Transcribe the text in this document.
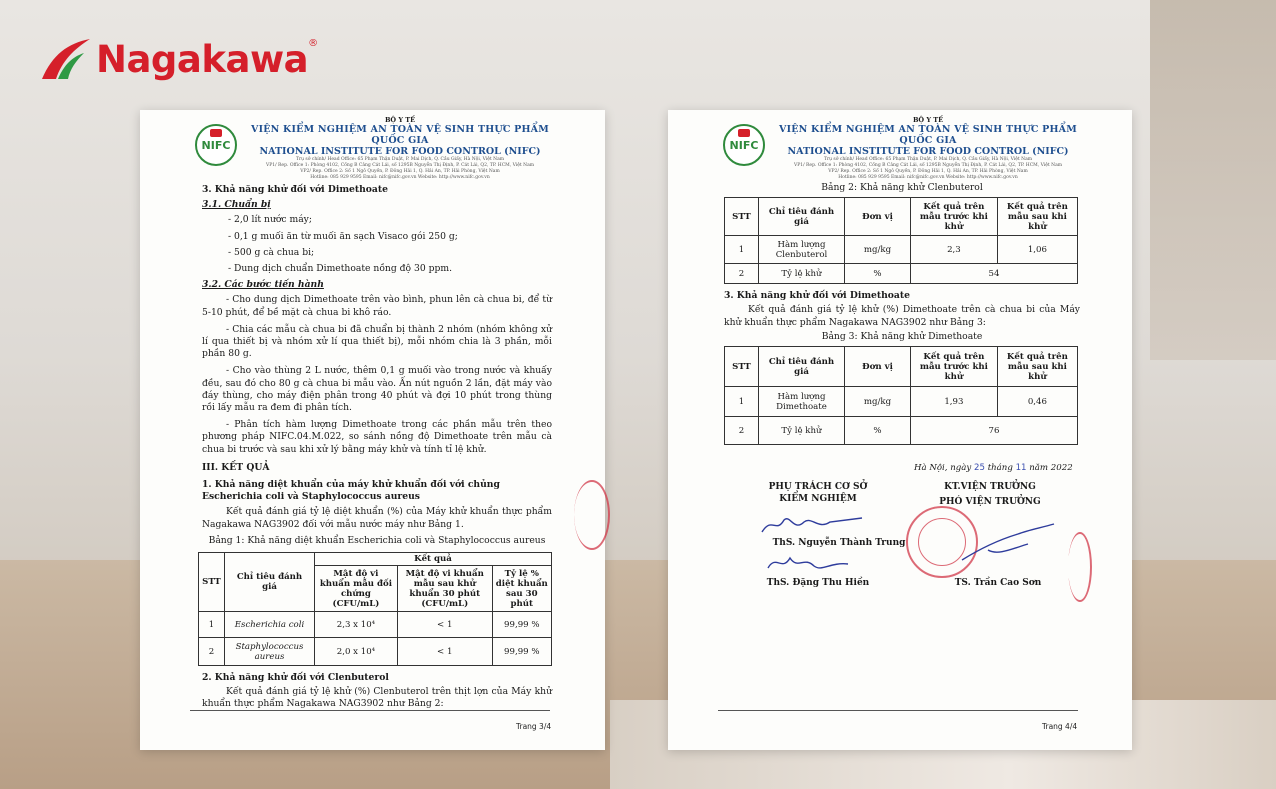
Nagakawa ®
NIFC
BỘ Y TẾ
VIỆN KIỂM NGHIỆM AN TOÀN VỆ SINH THỰC PHẨM QUỐC GIA
NATIONAL INSTITUTE FOR FOOD CONTROL (NIFC)
Trụ sở chính/ Head Office: 65 Phạm Thận Duật, P. Mai Dịch, Q. Cầu Giấy, Hà Nội, Việt Nam
VP1/ Rep. Office 1: Phòng 4102, Cống B Cảng Cát Lái, số 1295B Nguyễn Thị Định, P. Cát Lái, Q2, TP. HCM, Việt Nam
VP2/ Rep. Office 2: Số 1 Ngô Quyền, P. Đông Hải 1, Q. Hải An, TP. Hải Phòng, Việt Nam
Hotline: 085 929 9595 Email: nifc@nifc.gov.vn Website: http://www.nifc.gov.vn
3. Khả năng khử đối với Dimethoate
3.1. Chuẩn bị
- 2,0 lít nước máy;
- 0,1 g muối ăn từ muối ăn sạch Visaco gói 250 g;
- 500 g cà chua bi;
- Dung dịch chuẩn Dimethoate nồng độ 30 ppm.
3.2. Các bước tiến hành
- Cho dung dịch Dimethoate trên vào bình, phun lên cà chua bi, để từ 5-10 phút, để bề mặt cà chua bi khô ráo.
- Chia các mẫu cà chua bi đã chuẩn bị thành 2 nhóm (nhóm không xử lí qua thiết bị và nhóm xử lí qua thiết bị), mỗi nhóm chia là 3 phần, mỗi phần 80 g.
- Cho vào thùng 2 L nước, thêm 0,1 g muối vào trong nước và khuấy đều, sau đó cho 80 g cà chua bi mẫu vào. Ấn nút nguồn 2 lần, đặt máy vào đáy thùng, cho máy điện phân trong 40 phút và đợi 10 phút trong thùng rồi lấy mẫu ra đem đi phân tích.
- Phân tích hàm lượng Dimethoate trong các phần mẫu trên theo phương pháp NIFC.04.M.022, so sánh nồng độ Dimethoate trên mẫu cà chua bi trước và sau khi xử lý bằng máy khử và tính tỉ lệ khử.
III. KẾT QUẢ
1. Khả năng diệt khuẩn của máy khử khuẩn đối với chủng Escherichia coli và Staphylococcus aureus
Kết quả đánh giá tỷ lệ diệt khuẩn (%) của Máy khử khuẩn thực phẩm Nagakawa NAG3902 đối với mẫu nước máy như Bảng 1.
Bảng 1: Khả năng diệt khuẩn Escherichia coli và Staphylococcus aureus
STT	Chỉ tiêu đánh giá	Kết quả		
		Mật độ vi khuẩn mẫu đối chứng (CFU/mL)	Mật độ vi khuẩn mẫu sau khử khuẩn 30 phút (CFU/mL)	Tỷ lệ % diệt khuẩn sau 30 phút
1	Escherichia coli	2,3 x 10⁴	< 1	99,99 %
2	Staphylococcus aureus	2,0 x 10⁴	< 1	99,99 %
2. Khả năng khử đối với Clenbuterol
Kết quả đánh giá tỷ lệ khử (%) Clenbuterol trên thịt lợn của Máy khử khuẩn thực phẩm Nagakawa NAG3902 như Bảng 2:
Trang 3/4
NIFC
BỘ Y TẾ
VIỆN KIỂM NGHIỆM AN TOÀN VỆ SINH THỰC PHẨM QUỐC GIA
NATIONAL INSTITUTE FOR FOOD CONTROL (NIFC)
Trụ sở chính/ Head Office: 65 Phạm Thận Duật, P. Mai Dịch, Q. Cầu Giấy, Hà Nội, Việt Nam
VP1/ Rep. Office 1: Phòng 4102, Cống B Cảng Cát Lái, số 1295B Nguyễn Thị Định, P. Cát Lái, Q2, TP. HCM, Việt Nam
VP2/ Rep. Office 2: Số 1 Ngô Quyền, P. Đông Hải 1, Q. Hải An, TP. Hải Phòng, Việt Nam
Hotline: 085 929 9595 Email: nifc@nifc.gov.vn Website: http://www.nifc.gov.vn
Bảng 2: Khả năng khử Clenbuterol
STT	Chỉ tiêu đánh giá	Đơn vị	Kết quả trên mẫu trước khi khử	Kết quả trên mẫu sau khi khử
1	Hàm lượng Clenbuterol	mg/kg	2,3	1,06
2	Tỷ lệ khử	%	54	
3. Khả năng khử đối với Dimethoate
Kết quả đánh giá tỷ lệ khử (%) Dimethoate trên cà chua bi của Máy khử khuẩn thực phẩm Nagakawa NAG3902 như Bảng 3:
Bảng 3: Khả năng khử Dimethoate
STT	Chỉ tiêu đánh giá	Đơn vị	Kết quả trên mẫu trước khi khử	Kết quả trên mẫu sau khi khử
1	Hàm lượng Dimethoate	mg/kg	1,93	0,46
2	Tỷ lệ khử	%	76	
Hà Nội, ngày 25 tháng 11 năm 2022
PHỤ TRÁCH CƠ SỞ
KIỂM NGHIỆM
ThS. Nguyễn Thành Trung
ThS. Đặng Thu Hiền
KT.VIỆN TRƯỞNG
PHÓ VIỆN TRƯỞNG
TS. Trần Cao Sơn
Trang 4/4
